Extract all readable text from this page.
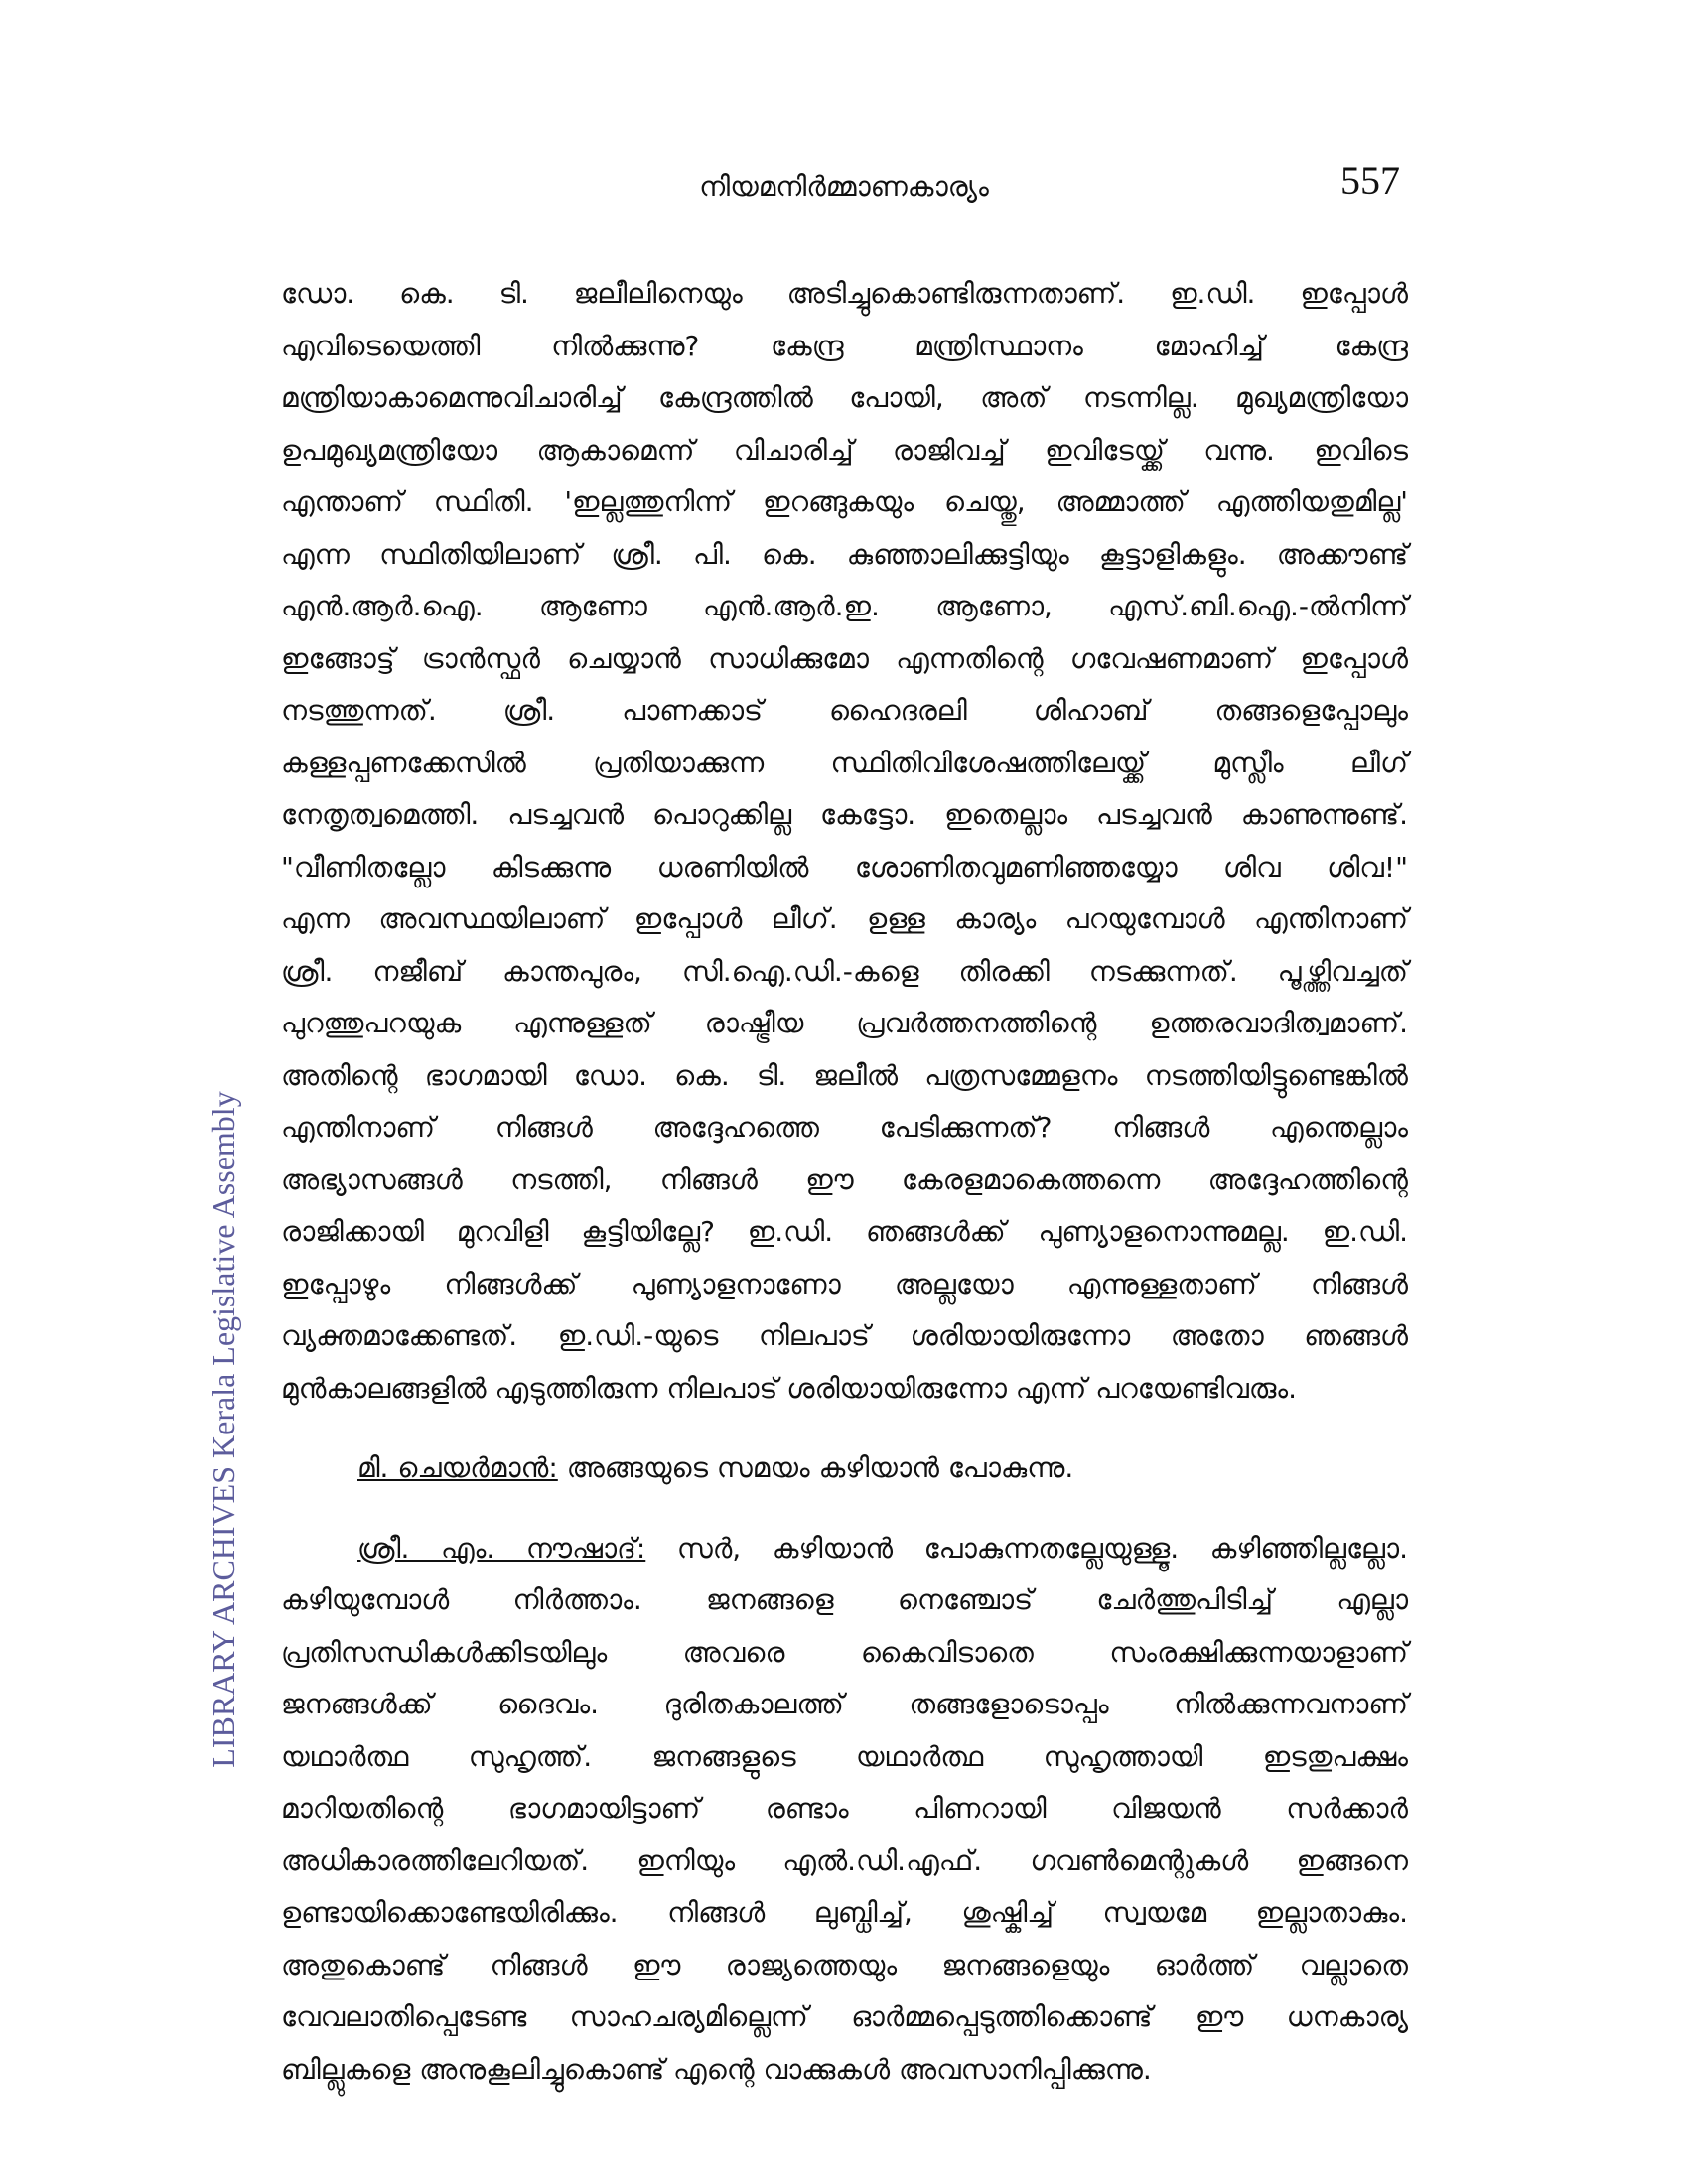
നിയമനിർമ്മാണകാര്യം	557
LIBRARY ARCHIVES Kerala Legislative Assembly

ഡോ. കെ. ടി. ജലീലിനെയും അടിച്ചുകൊണ്ടിരുന്നതാണ്. ഇ.ഡി. ഇപ്പോൾ

എവിടെയെത്തി നിൽക്കുന്നു? കേന്ദ്ര മന്ത്രിസ്ഥാനം മോഹിച്ച് കേന്ദ്ര

മന്ത്രിയാകാമെന്നുവിചാരിച്ച് കേന്ദ്രത്തിൽ പോയി, അത് നടന്നില്ല. മുഖ്യമന്ത്രിയോ

ഉപമുഖ്യമന്ത്രിയോ ആകാമെന്ന് വിചാരിച്ച് രാജിവച്ച് ഇവിടേയ്ക്ക് വന്നു. ഇവിടെ

എന്താണ് സ്ഥിതി. 'ഇല്ലത്തുനിന്ന് ഇറങ്ങുകയും ചെയ്തു, അമ്മാത്ത് എത്തിയതുമില്ല'

എന്ന സ്ഥിതിയിലാണ് ശ്രീ. പി. കെ. കുഞ്ഞാലിക്കുട്ടിയും കൂട്ടാളികളും. അക്കൗണ്ട്

എൻ.ആർ.ഐ. ആണോ എൻ.ആർ.ഇ. ആണോ, എസ്.ബി.ഐ.-ൽനിന്ന്

ഇങ്ങോട്ട് ട്രാൻസ്ഫർ ചെയ്യാൻ സാധിക്കുമോ എന്നതിന്റെ ഗവേഷണമാണ് ഇപ്പോൾ

നടത്തുന്നത്. ശ്രീ. പാണക്കാട് ഹൈദരലി ശിഹാബ് തങ്ങളെപ്പോലും

കള്ളപ്പണക്കേസിൽ പ്രതിയാക്കുന്ന സ്ഥിതിവിശേഷത്തിലേയ്ക്ക് മുസ്ലീം ലീഗ്

നേതൃത്വമെത്തി. പടച്ചവൻ പൊറുക്കില്ല കേട്ടോ. ഇതെല്ലാം പടച്ചവൻ കാണുന്നുണ്ട്.

"വീണിതല്ലോ കിടക്കുന്നു ധരണിയിൽ ശോണിതവുമണിഞ്ഞയ്യോ ശിവ ശിവ!"

എന്ന അവസ്ഥയിലാണ് ഇപ്പോൾ ലീഗ്. ഉള്ള കാര്യം പറയുമ്പോൾ എന്തിനാണ്

ശ്രീ. നജീബ് കാന്തപുരം, സി.ഐ.ഡി.-കളെ തിരക്കി നടക്കുന്നത്. പൂഴ്ത്തിവച്ചത്

പുറത്തുപറയുക എന്നുള്ളത് രാഷ്ട്രീയ പ്രവർത്തനത്തിന്റെ ഉത്തരവാദിത്വമാണ്.

അതിന്റെ ഭാഗമായി ഡോ. കെ. ടി. ജലീൽ പത്രസമ്മേളനം നടത്തിയിട്ടുണ്ടെങ്കിൽ

എന്തിനാണ് നിങ്ങൾ അദ്ദേഹത്തെ പേടിക്കുന്നത്? നിങ്ങൾ എന്തെല്ലാം

അഭ്യാസങ്ങൾ നടത്തി, നിങ്ങൾ ഈ കേരളമാകെത്തന്നെ അദ്ദേഹത്തിന്റെ

രാജിക്കായി മുറവിളി കൂട്ടിയില്ലേ? ഇ.ഡി. ഞങ്ങൾക്ക് പുണ്യാളനൊന്നുമല്ല. ഇ.ഡി.

ഇപ്പോഴും നിങ്ങൾക്ക് പുണ്യാളനാണോ അല്ലയോ എന്നുള്ളതാണ് നിങ്ങൾ

വ്യക്തമാക്കേണ്ടത്. ഇ.ഡി.-യുടെ നിലപാട് ശരിയായിരുന്നോ അതോ ഞങ്ങൾ

മുൻകാലങ്ങളിൽ എടുത്തിരുന്ന നിലപാട് ശരിയായിരുന്നോ എന്ന് പറയേണ്ടിവരും.

മി. ചെയർമാൻ: അങ്ങയുടെ സമയം കഴിയാൻ പോകുന്നു.

ശ്രീ. എം. നൗഷാദ്: സർ, കഴിയാൻ പോകുന്നതല്ലേയുള്ളൂ. കഴിഞ്ഞില്ലല്ലോ.

കഴിയുമ്പോൾ നിർത്താം. ജനങ്ങളെ നെഞ്ചോട് ചേർത്തുപിടിച്ച് എല്ലാ

പ്രതിസന്ധികൾക്കിടയിലും അവരെ കൈവിടാതെ സംരക്ഷിക്കുന്നയാളാണ്

ജനങ്ങൾക്ക് ദൈവം. ദുരിതകാലത്ത് തങ്ങളോടൊപ്പം നിൽക്കുന്നവനാണ്

യഥാർത്ഥ സുഹൃത്ത്. ജനങ്ങളുടെ യഥാർത്ഥ സുഹൃത്തായി ഇടതുപക്ഷം

മാറിയതിന്റെ ഭാഗമായിട്ടാണ് രണ്ടാം പിണറായി വിജയൻ സർക്കാർ

അധികാരത്തിലേറിയത്. ഇനിയും എൽ.ഡി.എഫ്. ഗവൺമെന്റുകൾ ഇങ്ങനെ

ഉണ്ടായിക്കൊണ്ടേയിരിക്കും. നിങ്ങൾ ലുബ്ധിച്ച്, ശുഷ്കിച്ച് സ്വയമേ ഇല്ലാതാകും.

അതുകൊണ്ട് നിങ്ങൾ ഈ രാജ്യത്തെയും ജനങ്ങളെയും ഓർത്ത് വല്ലാതെ

വേവലാതിപ്പെടേണ്ട സാഹചര്യമില്ലെന്ന് ഓർമ്മപ്പെടുത്തിക്കൊണ്ട് ഈ ധനകാര്യ

ബില്ലുകളെ അനുകൂലിച്ചുകൊണ്ട് എന്റെ വാക്കുകൾ അവസാനിപ്പിക്കുന്നു.
